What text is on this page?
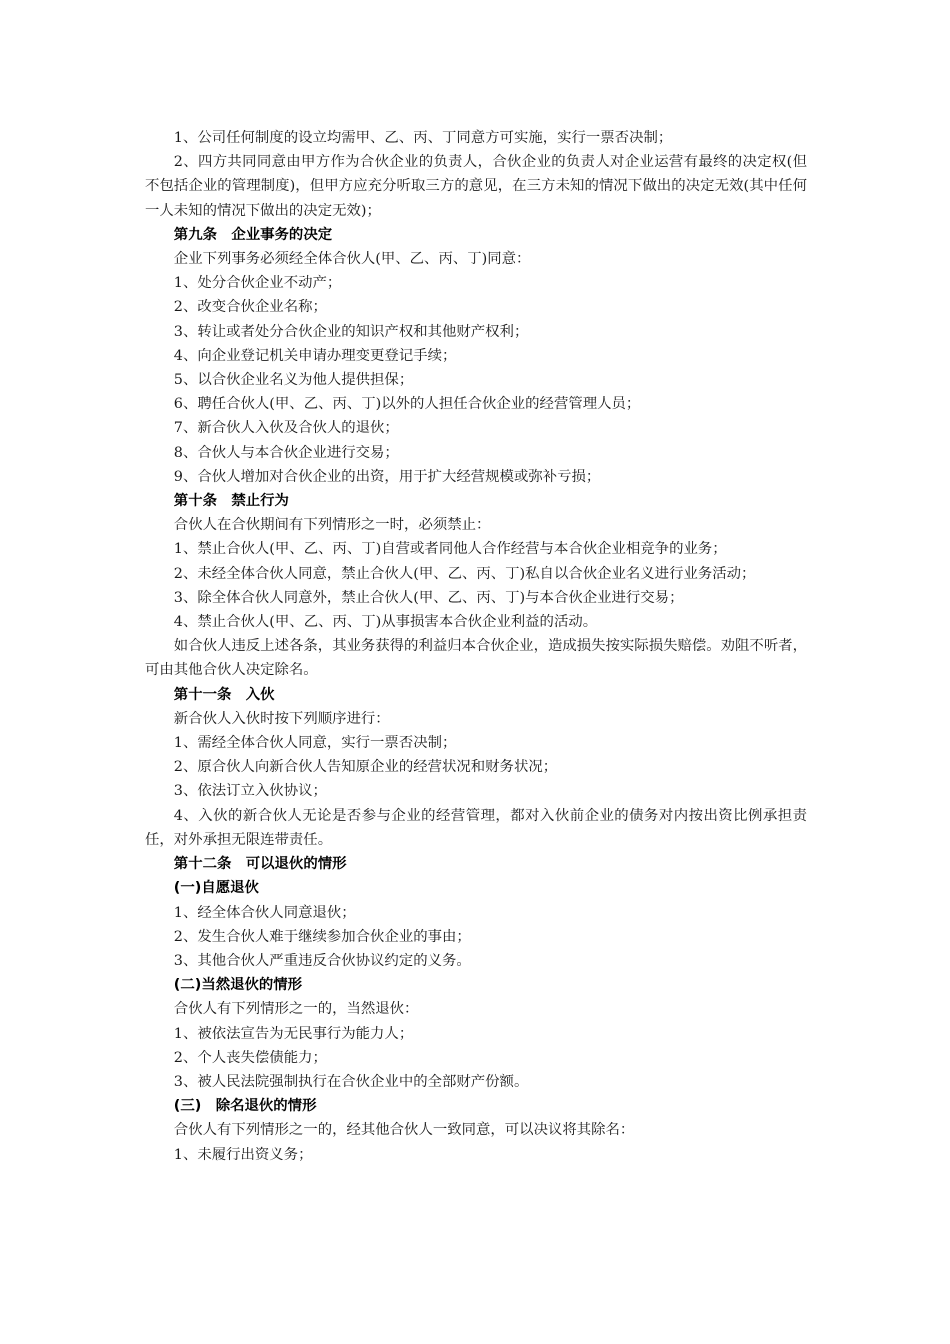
1、公司任何制度的设立均需甲、乙、丙、丁同意方可实施，实行一票否决制；
2、四方共同同意由甲方作为合伙企业的负责人，合伙企业的负责人对企业运营有最终的决定权(但不包括企业的管理制度)，但甲方应充分听取三方的意见，在三方未知的情况下做出的决定无效(其中任何一人未知的情况下做出的决定无效)；
第九条　企业事务的决定
企业下列事务必须经全体合伙人(甲、乙、丙、丁)同意：
1、处分合伙企业不动产；
2、改变合伙企业名称；
3、转让或者处分合伙企业的知识产权和其他财产权利；
4、向企业登记机关申请办理变更登记手续；
5、以合伙企业名义为他人提供担保；
6、聘任合伙人(甲、乙、丙、丁)以外的人担任合伙企业的经营管理人员；
7、新合伙人入伙及合伙人的退伙；
8、合伙人与本合伙企业进行交易；
9、合伙人增加对合伙企业的出资，用于扩大经营规模或弥补亏损；
第十条　禁止行为
合伙人在合伙期间有下列情形之一时，必须禁止：
1、禁止合伙人(甲、乙、丙、丁)自营或者同他人合作经营与本合伙企业相竞争的业务；
2、未经全体合伙人同意，禁止合伙人(甲、乙、丙、丁)私自以合伙企业名义进行业务活动；
3、除全体合伙人同意外，禁止合伙人(甲、乙、丙、丁)与本合伙企业进行交易；
4、禁止合伙人(甲、乙、丙、丁)从事损害本合伙企业利益的活动。
如合伙人违反上述各条，其业务获得的利益归本合伙企业，造成损失按实际损失赔偿。劝阻不听者，可由其他合伙人决定除名。
第十一条　入伙
新合伙人入伙时按下列顺序进行：
1、需经全体合伙人同意，实行一票否决制；
2、原合伙人向新合伙人告知原企业的经营状况和财务状况；
3、依法订立入伙协议；
4、入伙的新合伙人无论是否参与企业的经营管理，都对入伙前企业的债务对内按出资比例承担责任，对外承担无限连带责任。
第十二条　可以退伙的情形
(一)自愿退伙
1、经全体合伙人同意退伙；
2、发生合伙人难于继续参加合伙企业的事由；
3、其他合伙人严重违反合伙协议约定的义务。
(二)当然退伙的情形
合伙人有下列情形之一的，当然退伙：
1、被依法宣告为无民事行为能力人；
2、个人丧失偿债能力；
3、被人民法院强制执行在合伙企业中的全部财产份额。
(三)　除名退伙的情形
合伙人有下列情形之一的，经其他合伙人一致同意，可以决议将其除名：
1、未履行出资义务；
